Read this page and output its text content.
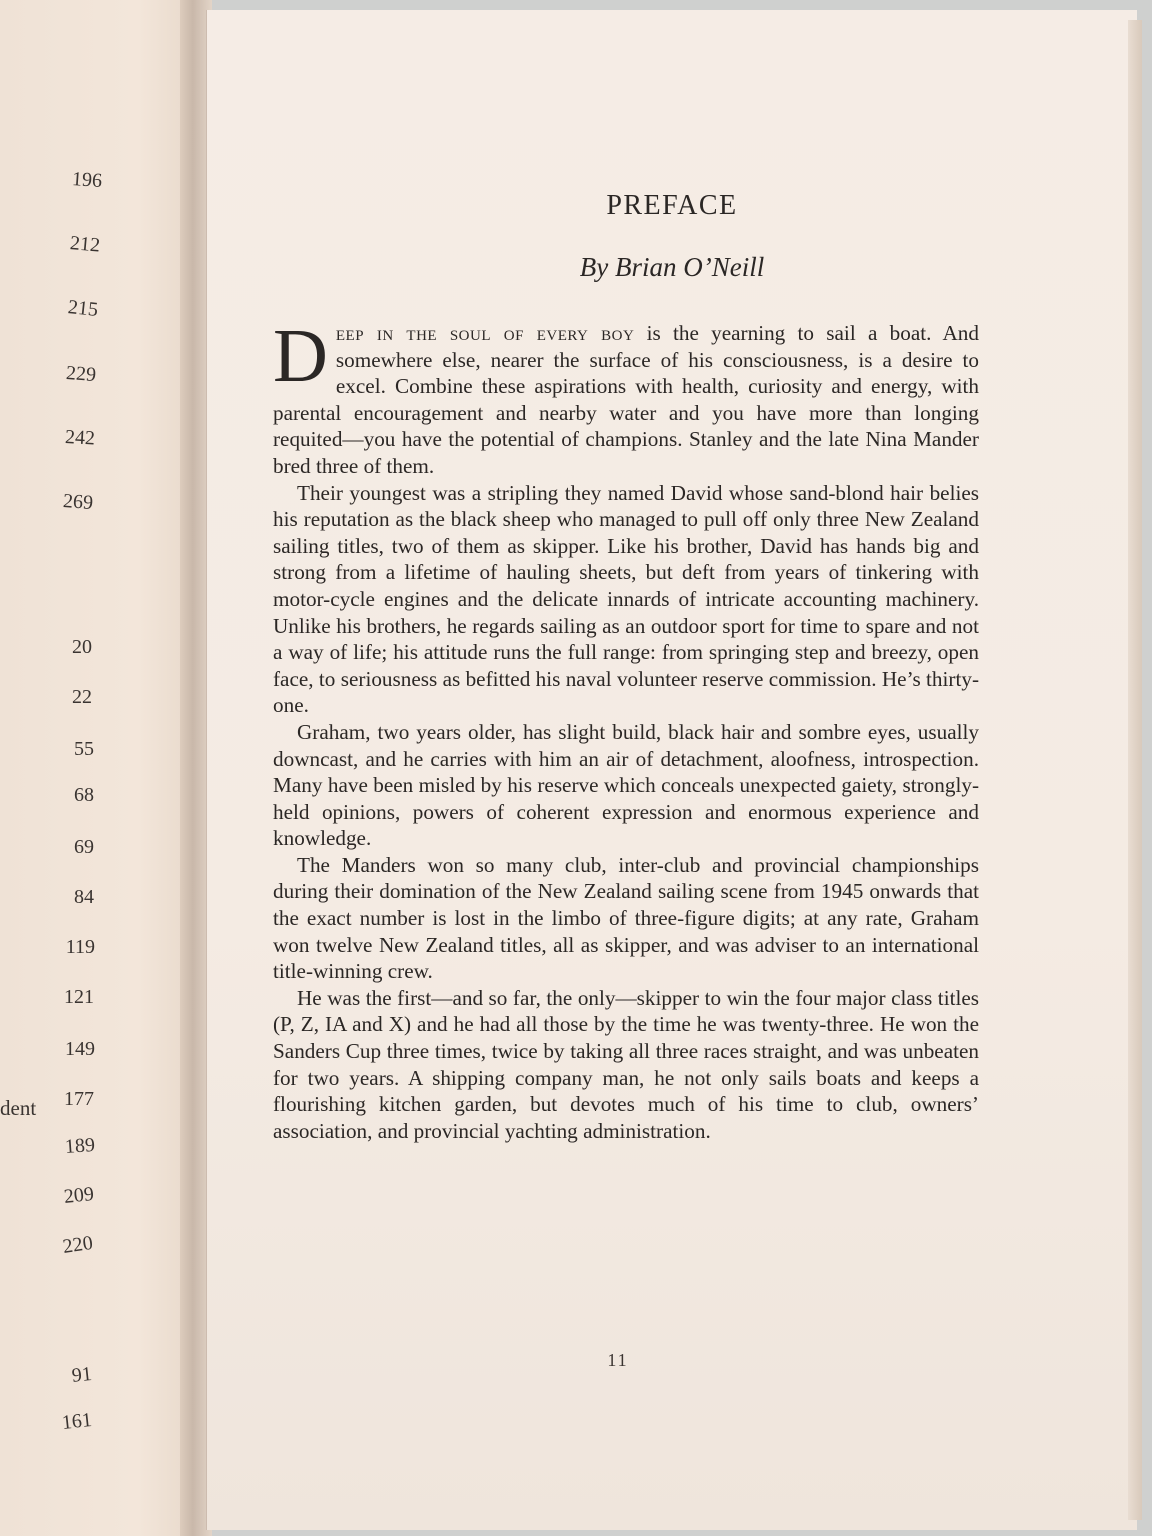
196
212
215
229
242
269
20
22
55
68
69
84
119
121
149
177
189
209
220
91
161
dent
PREFACE
By Brian O’Neill

Deep in the soul of every boy is the yearning to sail a boat. And somewhere else, nearer the surface of his consciousness, is a desire to excel. Combine these aspirations with health, curiosity and energy, with parental encouragement and nearby water and you have more than longing requited—you have the potential of champions. Stanley and the late Nina Mander bred three of them.

Their youngest was a stripling they named David whose sand-blond hair belies his reputation as the black sheep who managed to pull off only three New Zealand sailing titles, two of them as skipper. Like his brother, David has hands big and strong from a lifetime of hauling sheets, but deft from years of tinkering with motor-cycle engines and the delicate innards of intricate accounting machinery. Unlike his brothers, he regards sailing as an outdoor sport for time to spare and not a way of life; his attitude runs the full range: from springing step and breezy, open face, to seriousness as befitted his naval volunteer reserve commission. He’s thirty-one.

Graham, two years older, has slight build, black hair and sombre eyes, usually downcast, and he carries with him an air of detachment, aloofness, introspection. Many have been misled by his reserve which conceals unexpected gaiety, strongly-held opinions, powers of coherent expression and enormous experience and knowledge.

The Manders won so many club, inter-club and provincial championships during their domination of the New Zealand sailing scene from 1945 onwards that the exact number is lost in the limbo of three-figure digits; at any rate, Graham won twelve New Zealand titles, all as skipper, and was adviser to an international title-winning crew.

He was the first—and so far, the only—skipper to win the four major class titles (P, Z, IA and X) and he had all those by the time he was twenty-three. He won the Sanders Cup three times, twice by taking all three races straight, and was unbeaten for two years. A shipping company man, he not only sails boats and keeps a flourishing kitchen garden, but devotes much of his time to club, owners’ association, and provincial yachting administration.

11
